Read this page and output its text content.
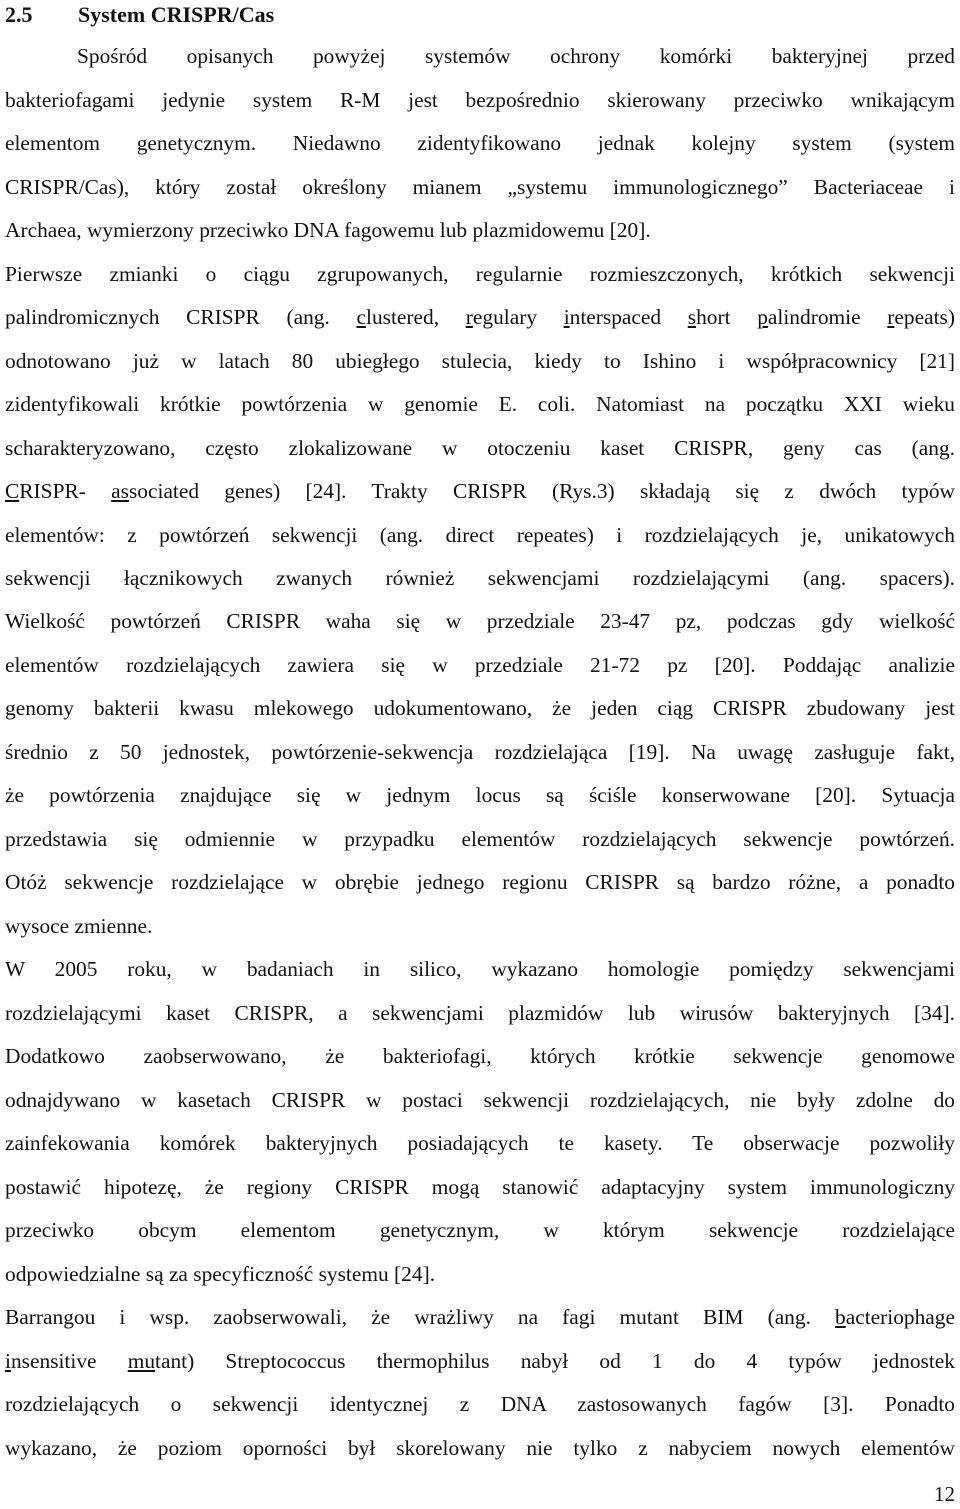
2.5 System CRISPR/Cas
Spośród opisanych powyżej systemów ochrony komórki bakteryjnej przed
bakteriofagami jedynie system R-M jest bezpośrednio skierowany przeciwko wnikającym
elementom genetycznym. Niedawno zidentyfikowano jednak kolejny system (system
CRISPR/Cas), który został określony mianem „systemu immunologicznego” Bacteriaceae i
Archaea, wymierzony przeciwko DNA fagowemu lub plazmidowemu [20].
Pierwsze zmianki o ciągu zgrupowanych, regularnie rozmieszczonych, krótkich sekwencji
palindromicznych CRISPR (ang. clustered, regulary interspaced short palindromie repeats)
odnotowano już w latach 80 ubiegłego stulecia, kiedy to Ishino i współpracownicy [21]
zidentyfikowali krótkie powtórzenia w genomie E. coli. Natomiast na początku XXI wieku
scharakteryzowano, często zlokalizowane w otoczeniu kaset CRISPR, geny cas (ang.
CRISPR- associated genes) [24]. Trakty CRISPR (Rys.3) składają się z dwóch typów
elementów: z powtórzeń sekwencji (ang. direct repeates) i rozdzielających je, unikatowych
sekwencji łącznikowych zwanych również sekwencjami rozdzielającymi (ang. spacers).
Wielkość powtórzeń CRISPR waha się w przedziale 23-47 pz, podczas gdy wielkość
elementów rozdzielających zawiera się w przedziale 21-72 pz [20]. Poddając analizie
genomy bakterii kwasu mlekowego udokumentowano, że jeden ciąg CRISPR zbudowany jest
średnio z 50 jednostek, powtórzenie-sekwencja rozdzielająca [19]. Na uwagę zasługuje fakt,
że powtórzenia znajdujące się w jednym locus są ściśle konserwowane [20]. Sytuacja
przedstawia się odmiennie w przypadku elementów rozdzielających sekwencje powtórzeń.
Otóż sekwencje rozdzielające w obrębie jednego regionu CRISPR są bardzo różne, a ponadto
wysoce zmienne.
W 2005 roku, w badaniach in silico, wykazano homologie pomiędzy sekwencjami
rozdzielającymi kaset CRISPR, a sekwencjami plazmidów lub wirusów bakteryjnych [34].
Dodatkowo zaobserwowano, że bakteriofagi, których krótkie sekwencje genomowe
odnajdywano w kasetach CRISPR w postaci sekwencji rozdzielających, nie były zdolne do
zainfekowania komórek bakteryjnych posiadających te kasety. Te obserwacje pozwoliły
postawić hipotezę, że regiony CRISPR mogą stanowić adaptacyjny system immunologiczny
przeciwko obcym elementom genetycznym, w którym sekwencje rozdzielające
odpowiedzialne są za specyficzność systemu [24].
Barrangou i wsp. zaobserwowali, że wrażliwy na fagi mutant BIM (ang. bacteriophage
insensitive mutant) Streptococcus thermophilus nabył od 1 do 4 typów jednostek
rozdzielających o sekwencji identycznej z DNA zastosowanych fagów [3]. Ponadto
wykazano, że poziom oporności był skorelowany nie tylko z nabyciem nowych elementów
12
